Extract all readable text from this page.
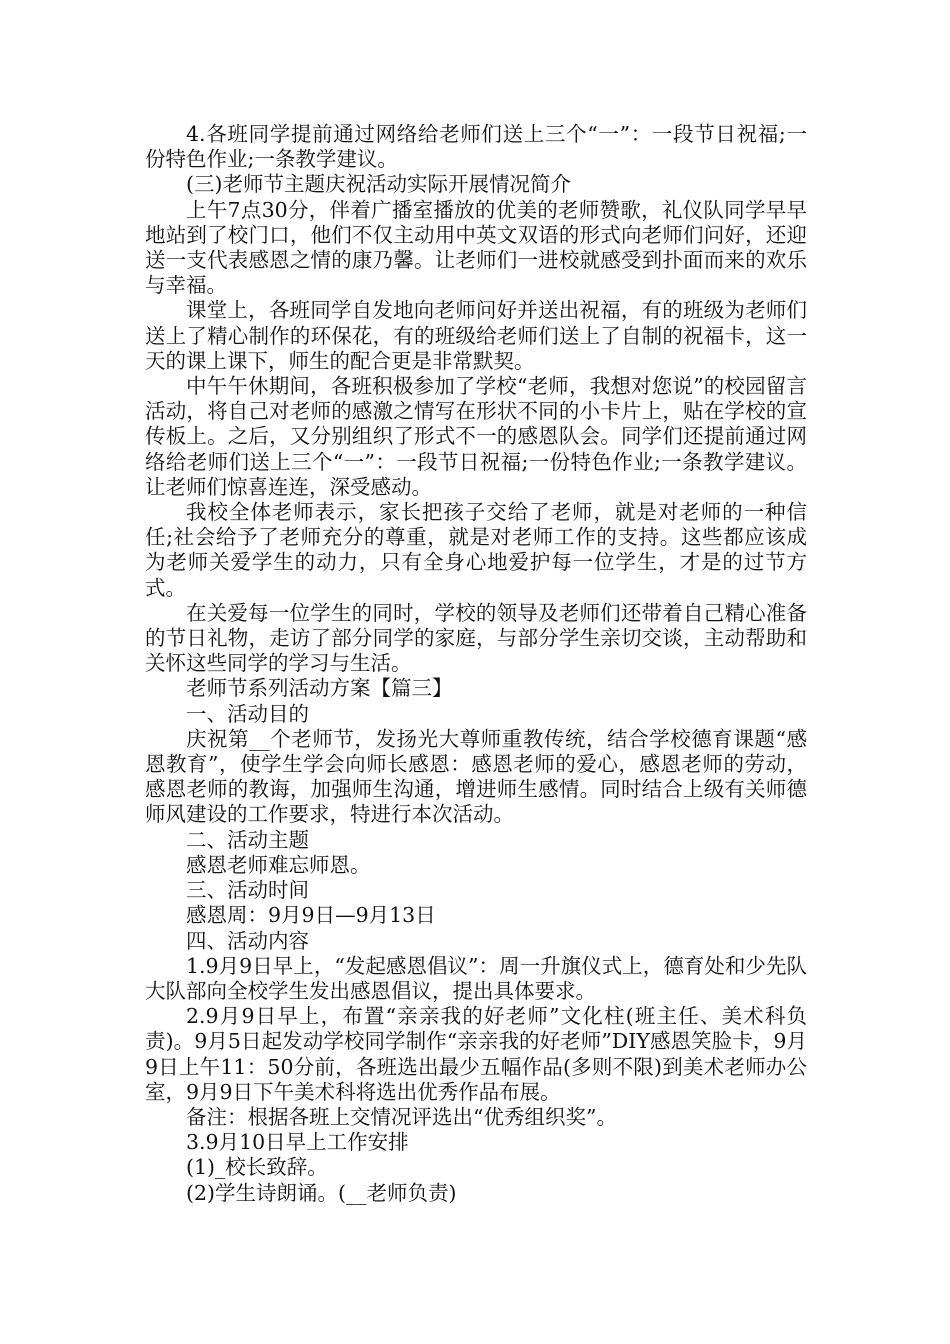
4.各班同学提前通过网络给老师们送上三个“一”：一段节日祝福;一份特色作业;一条教学建议。

(三)老师节主题庆祝活动实际开展情况简介

上午7点30分，伴着广播室播放的优美的老师赞歌，礼仪队同学早早地站到了校门口，他们不仅主动用中英文双语的形式向老师们问好，还迎送一支代表感恩之情的康乃馨。让老师们一进校就感受到扑面而来的欢乐与幸福。

课堂上，各班同学自发地向老师问好并送出祝福，有的班级为老师们送上了精心制作的环保花，有的班级给老师们送上了自制的祝福卡，这一天的课上课下，师生的配合更是非常默契。

中午午休期间，各班积极参加了学校“老师，我想对您说”的校园留言活动，将自己对老师的感激之情写在形状不同的小卡片上，贴在学校的宣传板上。之后，又分别组织了形式不一的感恩队会。同学们还提前通过网络给老师们送上三个“一”：一段节日祝福;一份特色作业;一条教学建议。让老师们惊喜连连，深受感动。

我校全体老师表示，家长把孩子交给了老师，就是对老师的一种信任;社会给予了老师充分的尊重，就是对老师工作的支持。这些都应该成为老师关爱学生的动力，只有全身心地爱护每一位学生，才是的过节方式。

在关爱每一位学生的同时，学校的领导及老师们还带着自己精心准备的节日礼物，走访了部分同学的家庭，与部分学生亲切交谈，主动帮助和关怀这些同学的学习与生活。

老师节系列活动方案【篇三】

一、活动目的

庆祝第__个老师节，发扬光大尊师重教传统，结合学校德育课题“感恩教育”，使学生学会向师长感恩：感恩老师的爱心，感恩老师的劳动，感恩老师的教诲，加强师生沟通，增进师生感情。同时结合上级有关师德师风建设的工作要求，特进行本次活动。

二、活动主题

感恩老师难忘师恩。

三、活动时间

感恩周：9月9日—9月13日

四、活动内容

1.9月9日早上，“发起感恩倡议”：周一升旗仪式上，德育处和少先队大队部向全校学生发出感恩倡议，提出具体要求。

2.9月9日早上，布置“亲亲我的好老师”文化柱(班主任、美术科负责)。9月5日起发动学校同学制作“亲亲我的好老师”DIY感恩笑脸卡，9月9日上午11：50分前，各班选出最少五幅作品(多则不限)到美术老师办公室，9月9日下午美术科将选出优秀作品布展。

备注：根据各班上交情况评选出“优秀组织奖”。

3.9月10日早上工作安排

(1)_校长致辞。

(2)学生诗朗诵。(__老师负责)
